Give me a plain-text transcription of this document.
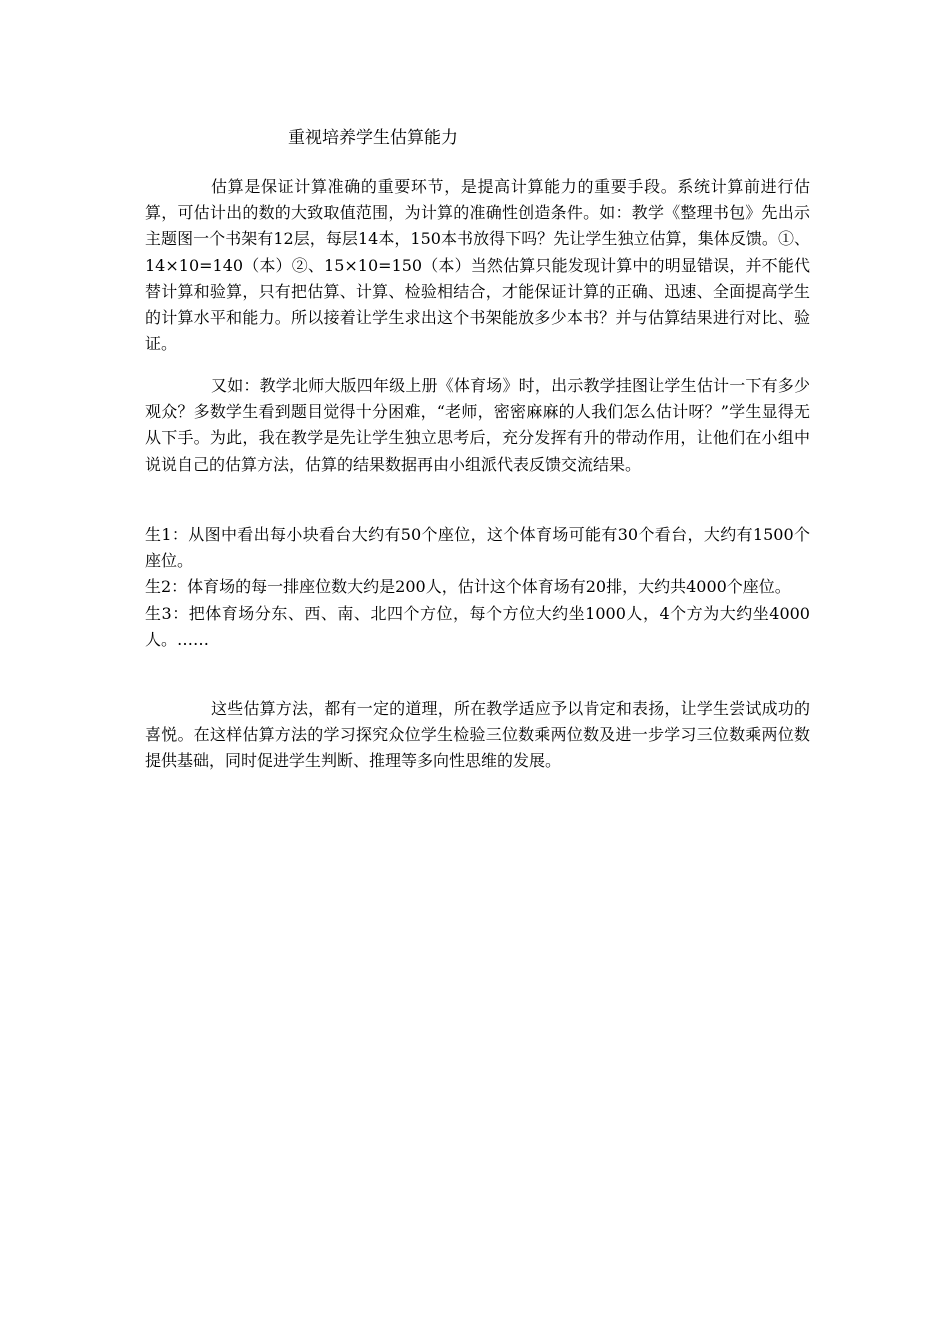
重视培养学生估算能力

估算是保证计算准确的重要环节，是提高计算能力的重要手段。系统计算前进行估算，可估计出的数的大致取值范围，为计算的准确性创造条件。如：教学《整理书包》先出示主题图一个书架有12层，每层14本，150本书放得下吗？先让学生独立估算，集体反馈。①、14×10=140（本）②、15×10=150（本）当然估算只能发现计算中的明显错误，并不能代替计算和验算，只有把估算、计算、检验相结合，才能保证计算的正确、迅速、全面提高学生的计算水平和能力。所以接着让学生求出这个书架能放多少本书？并与估算结果进行对比、验证。

又如：教学北师大版四年级上册《体育场》时，出示教学挂图让学生估计一下有多少观众？多数学生看到题目觉得十分困难，“老师，密密麻麻的人我们怎么估计呀？”学生显得无从下手。为此，我在教学是先让学生独立思考后，充分发挥有升的带动作用，让他们在小组中说说自己的估算方法，估算的结果数据再由小组派代表反馈交流结果。

生1：从图中看出每小块看台大约有50个座位，这个体育场可能有30个看台，大约有1500个座位。
生2：体育场的每一排座位数大约是200人，估计这个体育场有20排，大约共4000个座位。
生3：把体育场分东、西、南、北四个方位，每个方位大约坐1000人，4个方为大约坐4000人。……

这些估算方法，都有一定的道理，所在教学适应予以肯定和表扬，让学生尝试成功的喜悦。在这样估算方法的学习探究众位学生检验三位数乘两位数及进一步学习三位数乘两位数提供基础，同时促进学生判断、推理等多向性思维的发展。
